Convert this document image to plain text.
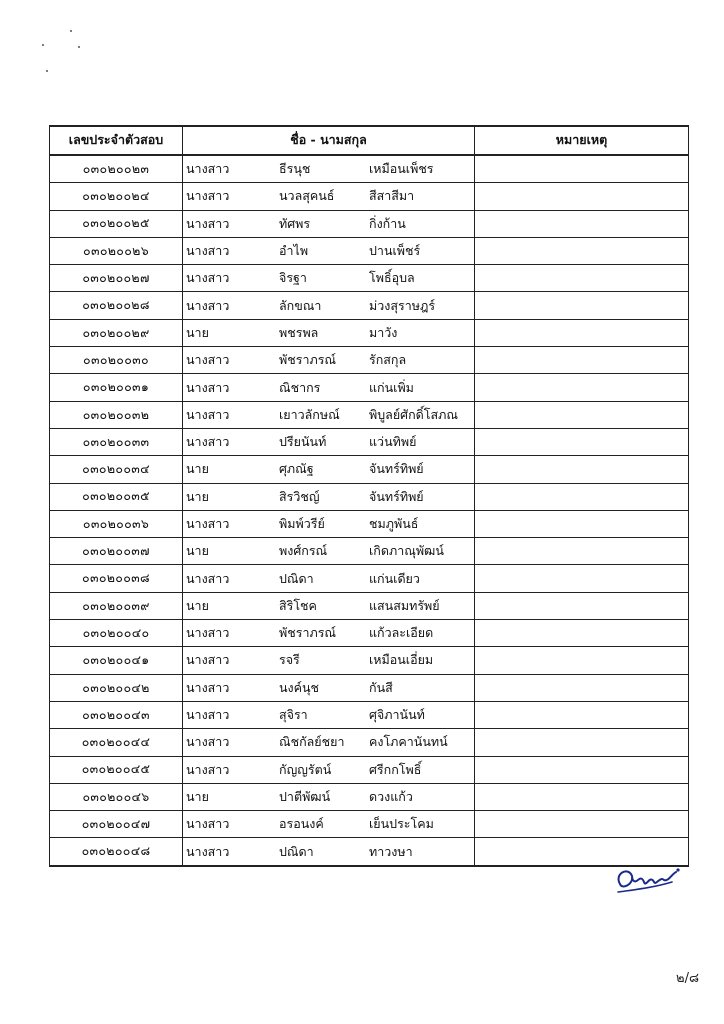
เลขประจำตัวสอบ	ชื่อ - นามสกุล	หมายเหตุ
๐๓๐๒๐๐๒๓	นางสาว ธีรนุช เหมือนเพ็ชร	

๐๓๐๒๐๐๒๔	นางสาว นวลสุคนธ์ สีสาสีมา	

๐๓๐๒๐๐๒๕	นางสาว ทัศพร กิ่งก้าน	

๐๓๐๒๐๐๒๖	นางสาว อำไพ ปานเพ็ชร์	

๐๓๐๒๐๐๒๗	นางสาว จิรฐา โพธิ์อุบล	

๐๓๐๒๐๐๒๘	นางสาว ลักขณา ม่วงสุราษฎร์	

๐๓๐๒๐๐๒๙	นาย พชรพล มาวัง	

๐๓๐๒๐๐๓๐	นางสาว พัชราภรณ์ รักสกุล	

๐๓๐๒๐๐๓๑	นางสาว ณิชากร แก่นเพิ่ม	

๐๓๐๒๐๐๓๒	นางสาว เยาวลักษณ์ พิบูลย์ศักดิ์โสภณ	

๐๓๐๒๐๐๓๓	นางสาว ปรียนันท์ แว่นทิพย์	

๐๓๐๒๐๐๓๔	นาย ศุภณัฐ จันทร์ทิพย์	

๐๓๐๒๐๐๓๕	นาย สิรวิชญ์ จันทร์ทิพย์	

๐๓๐๒๐๐๓๖	นางสาว พิมพ์วรีย์ ชมภูพันธ์	

๐๓๐๒๐๐๓๗	นาย พงศ์กรณ์ เกิดภาณุพัฒน์	

๐๓๐๒๐๐๓๘	นางสาว ปณิดา แก่นเดียว	

๐๓๐๒๐๐๓๙	นาย สิริโชค แสนสมทรัพย์	

๐๓๐๒๐๐๔๐	นางสาว พัชราภรณ์ แก้วละเอียด	

๐๓๐๒๐๐๔๑	นางสาว รจรี เหมือนเอี่ยม	

๐๓๐๒๐๐๔๒	นางสาว นงค์นุช กันสี	

๐๓๐๒๐๐๔๓	นางสาว สุจิรา ศุจิภานันท์	

๐๓๐๒๐๐๔๔	นางสาว ณิชกัลย์ชยา คงโภคานันทน์	

๐๓๐๒๐๐๔๕	นางสาว กัญญรัตน์ ศรีกกโพธิ์	

๐๓๐๒๐๐๔๖	นาย ปาตีพัฒน์ ดวงแก้ว	

๐๓๐๒๐๐๔๗	นางสาว อรอนงค์ เย็นประโคม	

๐๓๐๒๐๐๔๘	นางสาว ปณิดา ทาวงษา	

๒/๘
